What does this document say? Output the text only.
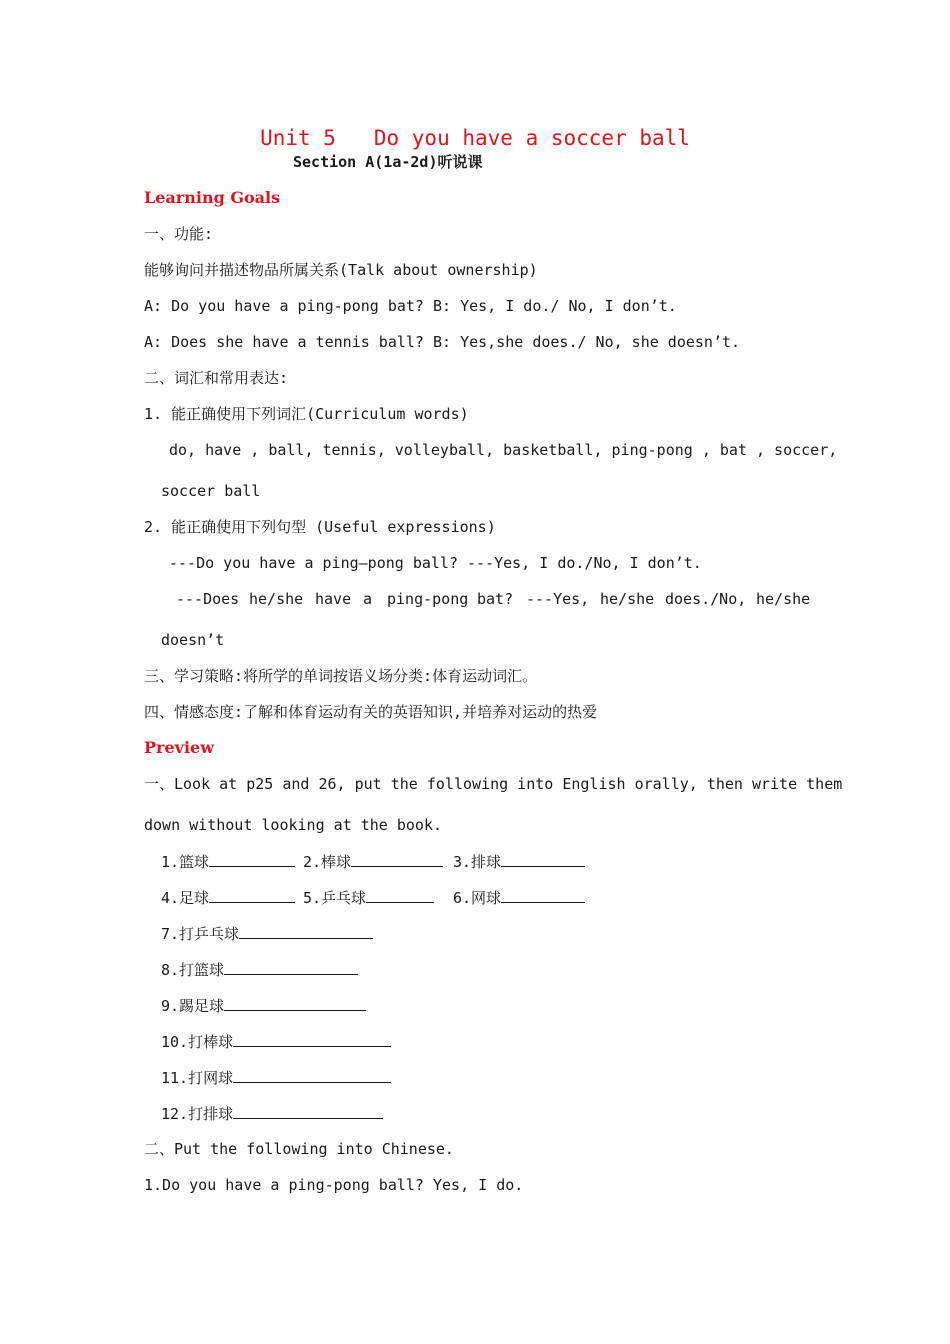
Unit 5   Do you have a soccer ball
Section A(1a-2d)听说课
Learning Goals
一、功能:
能够询问并描述物品所属关系(Talk about ownership)
A: Do you have a ping-pong bat? B: Yes, I do./ No, I don’t.
A: Does she have a tennis ball? B: Yes,she does./ No, she doesn’t.
二、词汇和常用表达:
1. 能正确使用下列词汇(Curriculum words)
do, have , ball, tennis, volleyball, basketball, ping-pong , bat , soccer,
soccer ball
2. 能正确使用下列句型 (Useful expressions)
---Do you have a ping–pong ball? ---Yes, I do./No, I don’t.
---Does he/she have a ping-pong bat? ---Yes, he/she does./No, he/she
doesn’t
三、学习策略:将所学的单词按语义场分类:体育运动词汇。
四、情感态度:了解和体育运动有关的英语知识,并培养对运动的热爱
Preview
一、Look at p25 and 26, put the following into English orally, then write them
down without looking at the book.
1.篮球	2.棒球	3.排球
4.足球	5.乒乓球	6.网球
7.打乒乓球
8.打篮球
9.踢足球
10.打棒球
11.打网球
12.打排球
二、Put the following into Chinese.
1.Do you have a ping-pong ball? Yes, I do.
